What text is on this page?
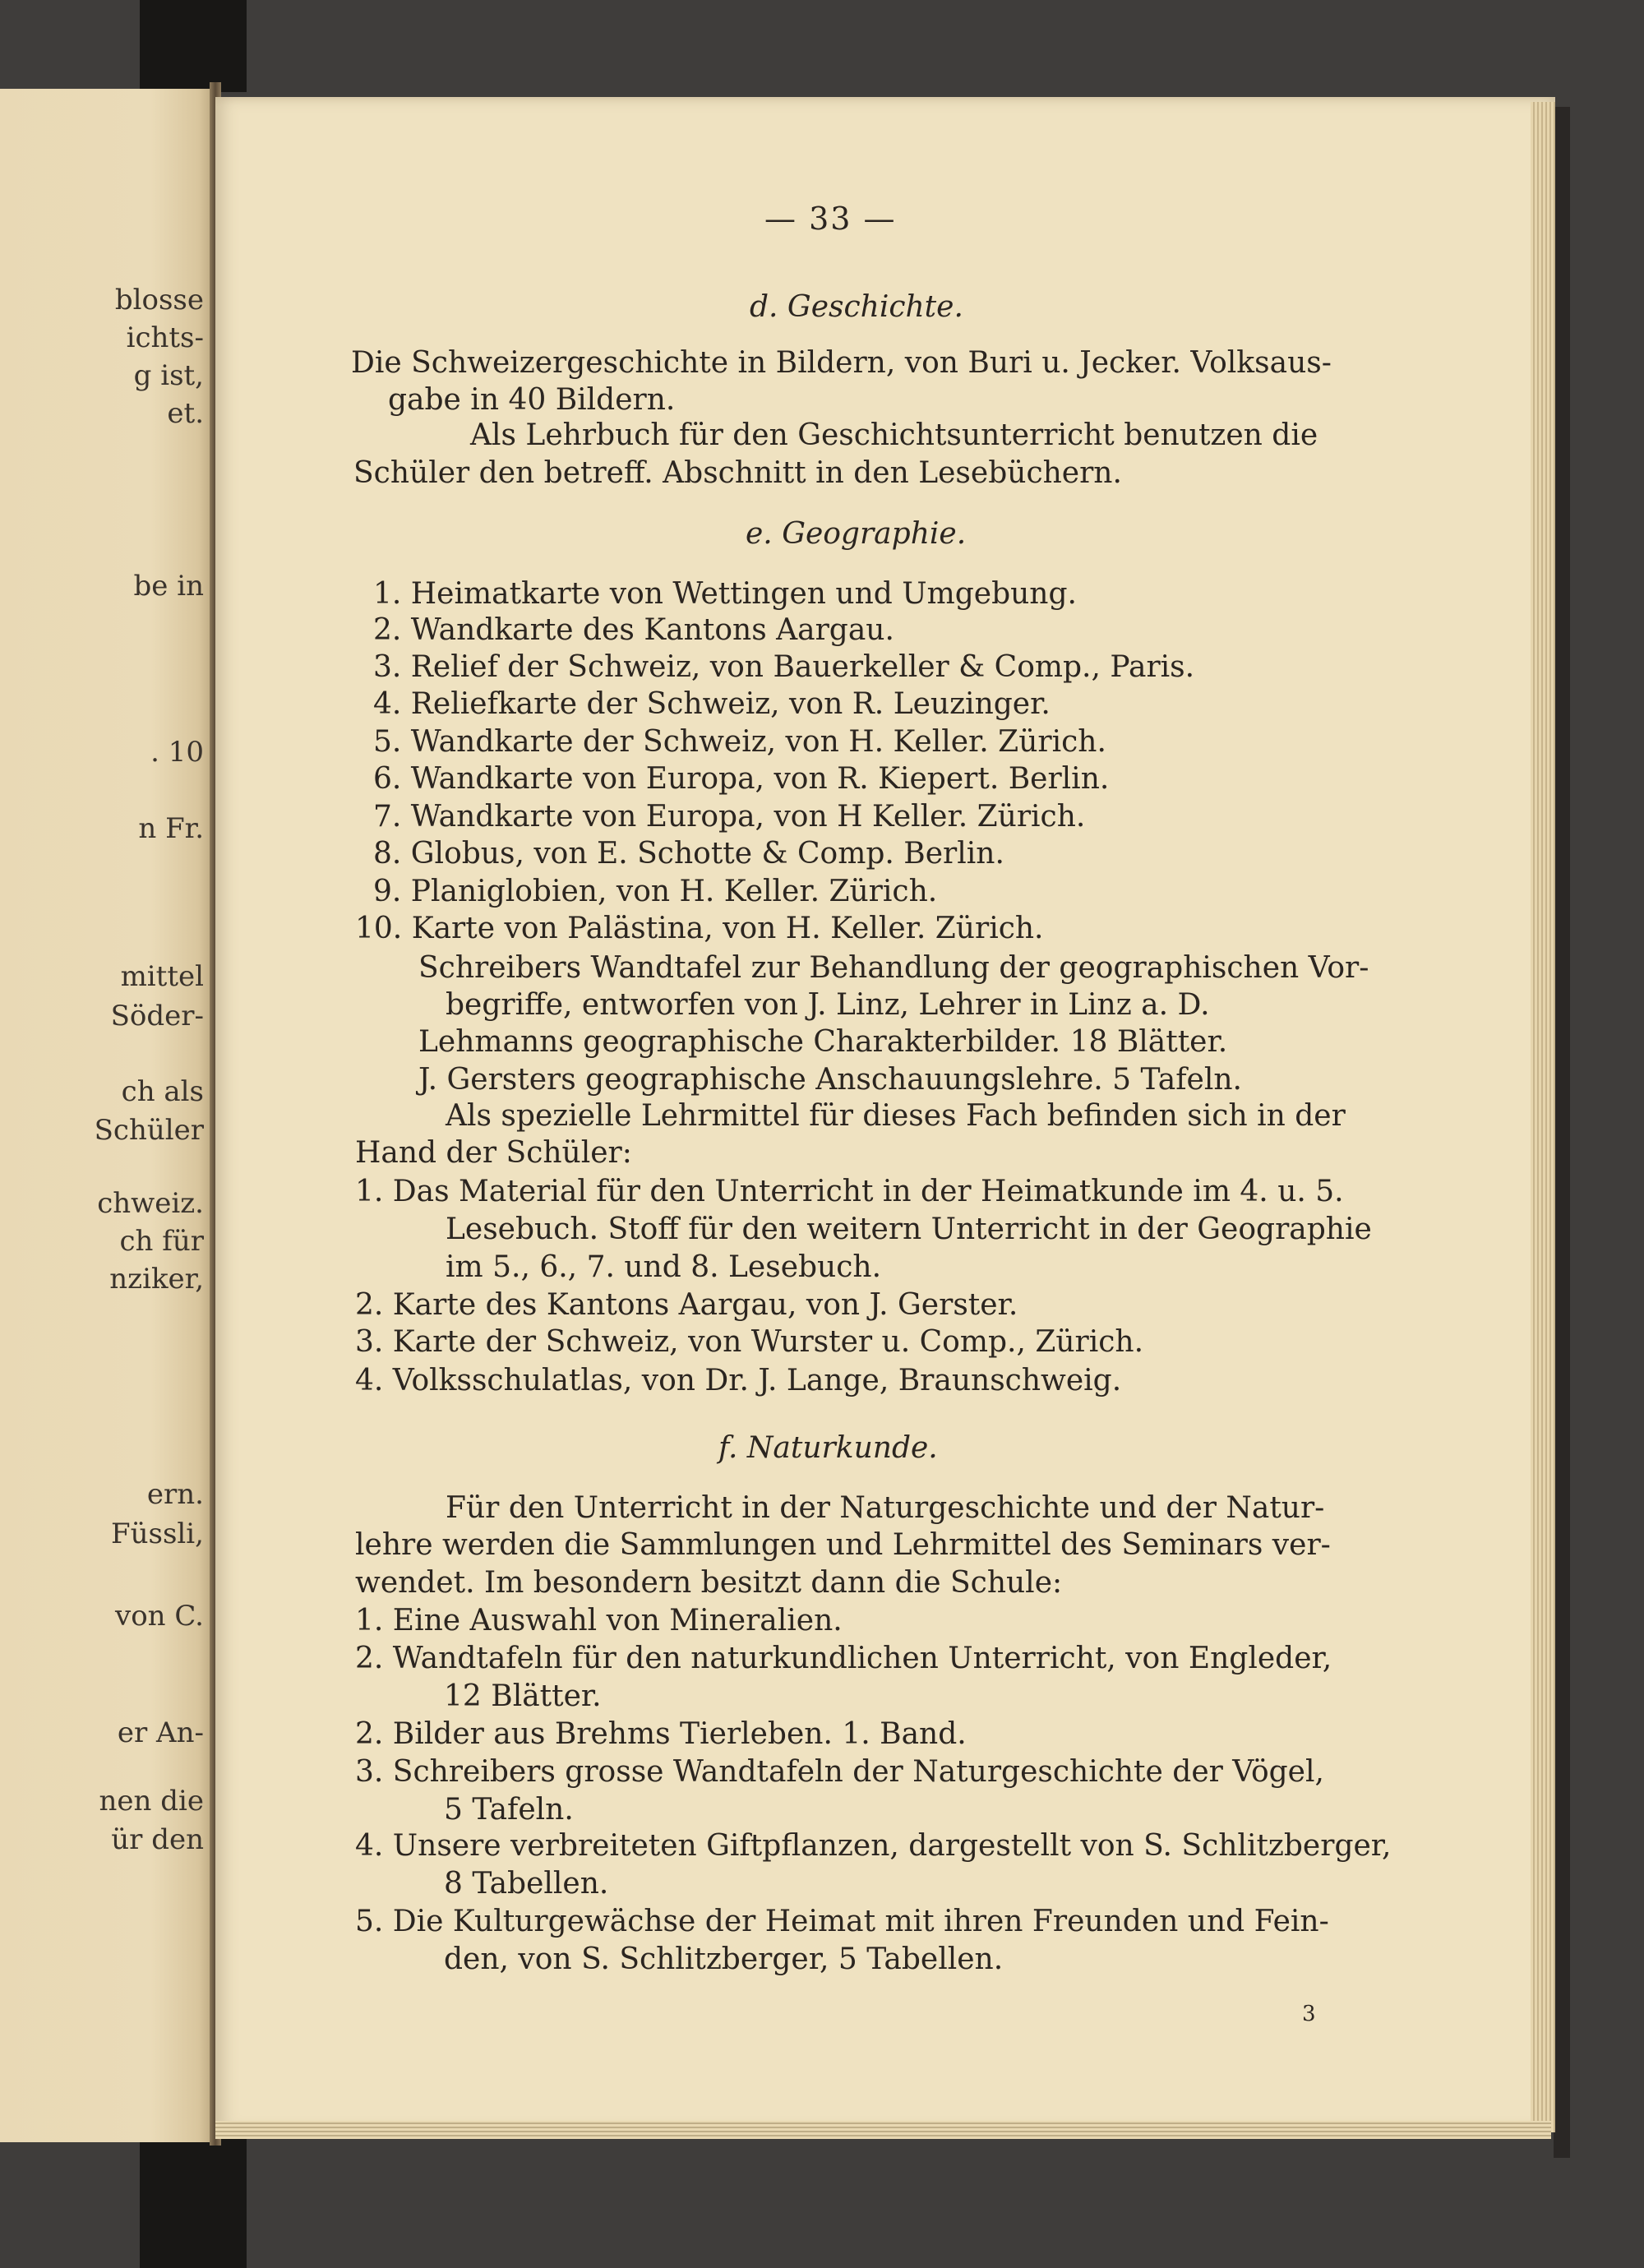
blosse
ichts-
g ist,
et.
be in
. 10
n Fr.
mittel
Söder-
ch als
Schüler
chweiz.
ch für
nziker,
ern.
Füssli,
von C.
er An-
nen die
ür den
— 33 —
d. Geschichte.
Die Schweizergeschichte in Bildern, von Buri u. Jecker. Volksaus-
gabe in 40 Bildern.
Als Lehrbuch für den Geschichtsunterricht benutzen die
Schüler den betreff. Abschnitt in den Lesebüchern.
e. Geographie.
1. Heimatkarte von Wettingen und Umgebung.
2. Wandkarte des Kantons Aargau.
3. Relief der Schweiz, von Bauerkeller & Comp., Paris.
4. Reliefkarte der Schweiz, von R. Leuzinger.
5. Wandkarte der Schweiz, von H. Keller. Zürich.
6. Wandkarte von Europa, von R. Kiepert. Berlin.
7. Wandkarte von Europa, von H Keller. Zürich.
8. Globus, von E. Schotte & Comp. Berlin.
9. Planiglobien, von H. Keller. Zürich.
10. Karte von Palästina, von H. Keller. Zürich.
Schreibers Wandtafel zur Behandlung der geographischen Vor-
begriffe, entworfen von J. Linz, Lehrer in Linz a. D.
Lehmanns geographische Charakterbilder. 18 Blätter.
J. Gersters geographische Anschauungslehre. 5 Tafeln.
Als spezielle Lehrmittel für dieses Fach befinden sich in der
Hand der Schüler:
1. Das Material für den Unterricht in der Heimatkunde im 4. u. 5.
Lesebuch. Stoff für den weitern Unterricht in der Geographie
im 5., 6., 7. und 8. Lesebuch.
2. Karte des Kantons Aargau, von J. Gerster.
3. Karte der Schweiz, von Wurster u. Comp., Zürich.
4. Volksschulatlas, von Dr. J. Lange, Braunschweig.
f. Naturkunde.
Für den Unterricht in der Naturgeschichte und der Natur-
lehre werden die Sammlungen und Lehrmittel des Seminars ver-
wendet. Im besondern besitzt dann die Schule:
1. Eine Auswahl von Mineralien.
2. Wandtafeln für den naturkundlichen Unterricht, von Engleder,
12 Blätter.
2. Bilder aus Brehms Tierleben. 1. Band.
3. Schreibers grosse Wandtafeln der Naturgeschichte der Vögel,
5 Tafeln.
4. Unsere verbreiteten Giftpflanzen, dargestellt von S. Schlitzberger,
8 Tabellen.
5. Die Kulturgewächse der Heimat mit ihren Freunden und Fein-
den, von S. Schlitzberger, 5 Tabellen.
3
